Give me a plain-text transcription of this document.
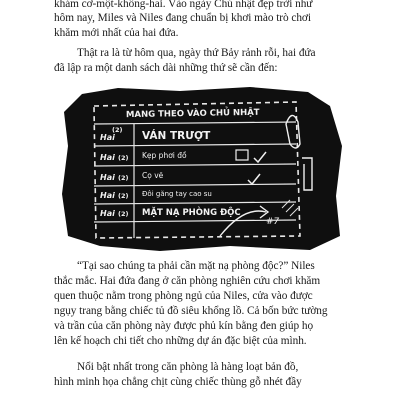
khám cơ-một-không-hai. Vào ngày Chủ nhật đẹp trời như
hôm nay, Miles và Niles đang chuẩn bị khơi mào trò chơi
khăm mới nhất của hai đứa.
Thật ra là từ hôm qua, ngày thứ Bảy rảnh rỗi, hai đứa
đã lập ra một danh sách dài những thứ sẽ cần đến:
MANG THEO VÀO CHỦ NHẬT
Hai
(2)
Hai (2)
Hai (2)
Hai (2)
Hai (2)
VÁN TRƯỢT
Kẹp phơi đồ
Cọ vẽ
Đôi găng tay cao su
MẶT NẠ PHÒNG ĐỘC
#7
“Tại sao chúng ta phải cần mặt nạ phòng độc?” Niles
thắc mắc. Hai đứa đang ở căn phòng nghiên cứu chơi khăm
quen thuộc nằm trong phòng ngủ của Niles, cửa vào được
ngụy trang bằng chiếc tủ đồ siêu khổng lồ. Cả bốn bức tường
và trần của căn phòng này được phủ kín bằng đen giúp họ
lên kế hoạch chi tiết cho những dự án đặc biệt của mình.
Nổi bật nhất trong căn phòng là hàng loạt bản đồ,
hình minh họa chẳng chịt cùng chiếc thùng gỗ nhét đầy
